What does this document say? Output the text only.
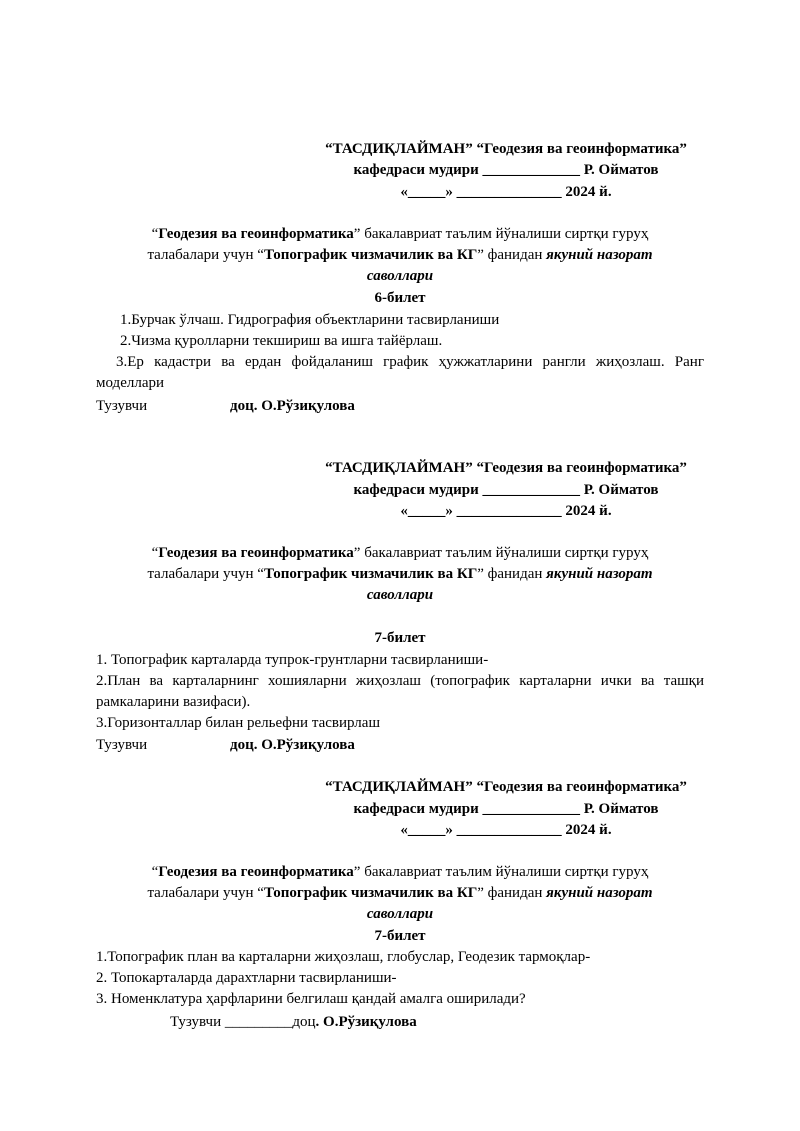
“ТАСДИҚЛАЙМАН” “Геодезия ва геоинформатика”
кафедраси мудири _____________ Р. Ойматов
«_____» ______________ 2024 й.
“Геодезия ва геоинформатика” бакалавриат таълим йўналиши сиртқи гуруҳ
талабалари учун “Топографик чизмачилик ва КГ” фанидан якуний назорат
саволлари
6-билет
1.Бурчак ўлчаш. Гидрография объектларини тасвирланиши
2.Чизма қуролларни текшириш ва ишга тайёрлаш.
3.Ер кадастри ва ердан фойдаланиш график ҳужжатларини рангли жиҳозлаш. Ранг моделлари
Тузувчи	доц. О.Рўзиқулова
“ТАСДИҚЛАЙМАН” “Геодезия ва геоинформатика”
кафедраси мудири _____________ Р. Ойматов
«_____» ______________ 2024 й.
“Геодезия ва геоинформатика” бакалавриат таълим йўналиши сиртқи гуруҳ
талабалари учун “Топографик чизмачилик ва КГ” фанидан якуний назорат
саволлари
7-билет
1. Топографик карталарда тупрок-грунтларни тасвирланиши-
2.План ва карталарнинг хошияларни жиҳозлаш (топографик карталарни ички ва ташқи рамкаларини вазифаси).
3.Горизонталлар билан рельефни тасвирлаш
Тузувчи	доц. О.Рўзиқулова
“ТАСДИҚЛАЙМАН” “Геодезия ва геоинформатика”
кафедраси мудири _____________ Р. Ойматов
«_____» ______________ 2024 й.
“Геодезия ва геоинформатика” бакалавриат таълим йўналиши сиртқи гуруҳ
талабалари учун “Топографик чизмачилик ва КГ” фанидан якуний назорат
саволлари
7-билет
1.Топографик план ва карталарни жиҳозлаш, глобуслар, Геодезик тармоқлар-
2. Топокарталарда дарахтларни тасвирланиши-
3. Номенклатура ҳарфларини белгилаш қандай амалга оширилади?
Тузувчи _________доц. О.Рўзиқулова
